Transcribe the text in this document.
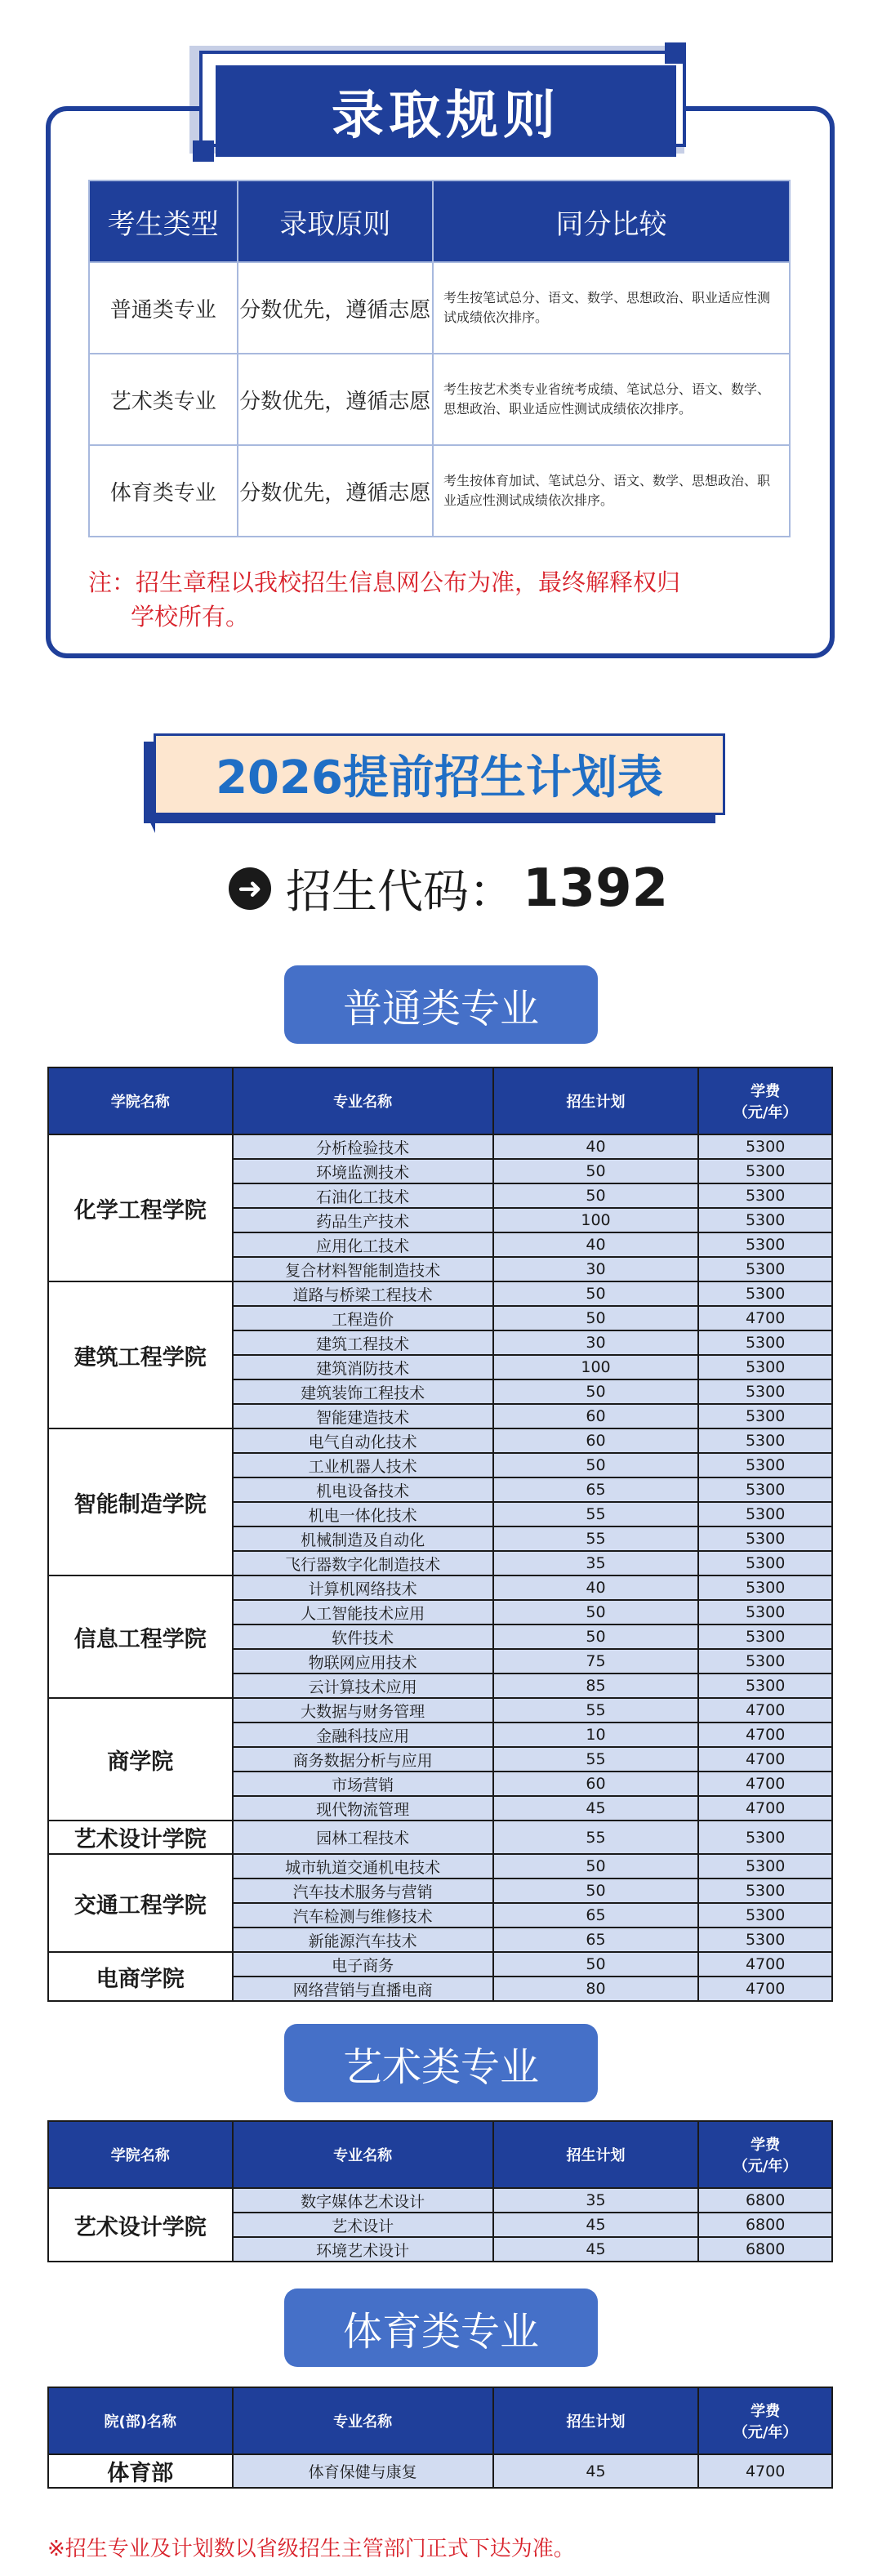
录取规则
考生类型	录取原则	同分比较
普通类专业	分数优先，遵循志愿	考生按笔试总分、语文、数学、思想政治、职业适应性测试成绩依次排序。
艺术类专业	分数优先，遵循志愿	考生按艺术类专业省统考成绩、笔试总分、语文、数学、思想政治、职业适应性测试成绩依次排序。
体育类专业	分数优先，遵循志愿	考生按体育加试、笔试总分、语文、数学、思想政治、职业适应性测试成绩依次排序。
注：招生章程以我校招生信息网公布为准，最终解释权归
学校所有。
2026提前招生计划表
➜ 招生代码： 1392
普通类专业
学院名称	专业名称	招生计划	学费
（元/年）

化学工程学院	分析检验技术	40	5300
	环境监测技术	50	5300
	石油化工技术	50	5300
	药品生产技术	100	5300
	应用化工技术	40	5300
	复合材料智能制造技术	30	5300
建筑工程学院	道路与桥梁工程技术	50	5300
	工程造价	50	4700
	建筑工程技术	30	5300
	建筑消防技术	100	5300
	建筑装饰工程技术	50	5300
	智能建造技术	60	5300
智能制造学院	电气自动化技术	60	5300
	工业机器人技术	50	5300
	机电设备技术	65	5300
	机电一体化技术	55	5300
	机械制造及自动化	55	5300
	飞行器数字化制造技术	35	5300
信息工程学院	计算机网络技术	40	5300
	人工智能技术应用	50	5300
	软件技术	50	5300
	物联网应用技术	75	5300
	云计算技术应用	85	5300
商学院	大数据与财务管理	55	4700
	金融科技应用	10	4700
	商务数据分析与应用	55	4700
	市场营销	60	4700
	现代物流管理	45	4700
艺术设计学院	园林工程技术	55	5300
交通工程学院	城市轨道交通机电技术	50	5300
	汽车技术服务与营销	50	5300
	汽车检测与维修技术	65	5300
	新能源汽车技术	65	5300
电商学院	电子商务	50	4700
	网络营销与直播电商	80	4700
艺术类专业
学院名称	专业名称	招生计划	学费
（元/年）

艺术设计学院	数字媒体艺术设计	35	6800
	艺术设计	45	6800
	环境艺术设计	45	6800
体育类专业
院(部)名称	专业名称	招生计划	学费
（元/年）

体育部	体育保健与康复	45	4700
※招生专业及计划数以省级招生主管部门正式下达为准。
